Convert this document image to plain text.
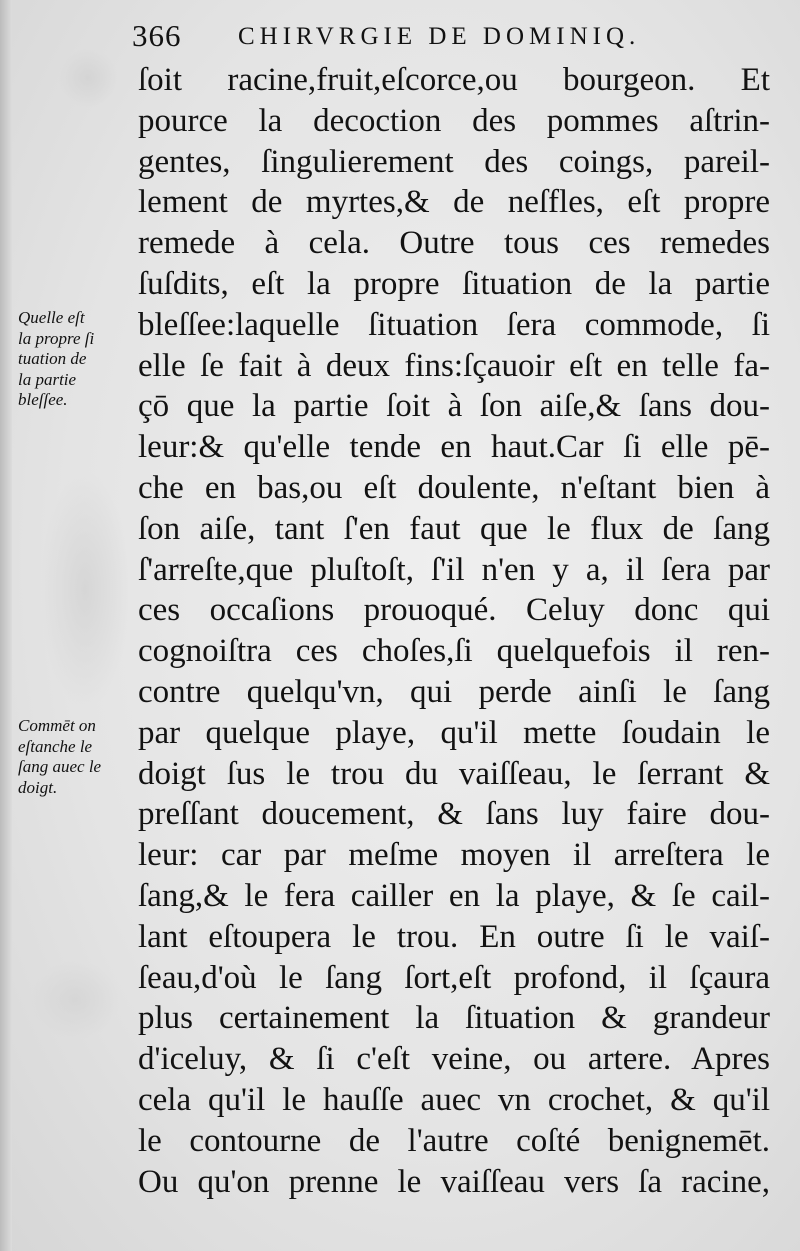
366 CHIRVRGIE DE DOMINIQ.
Quelle eſt
la propre ſi
tuation de
la partie
bleſſee.
Commēt on
eſtanche le
ſang auec le
doigt.
ſoit racine,fruit,eſcorce,ou bourgeon. Et
pource la decoction des pommes aſtrin-
gentes, ſingulierement des coings, pareil-
lement de myrtes,& de neſfles, eſt propre
remede à cela. Outre tous ces remedes
ſuſdits, eſt la propre ſituation de la partie
bleſſee:laquelle ſituation ſera commode, ſi
elle ſe fait à deux fins:ſçauoir eſt en telle fa-
çō que la partie ſoit à ſon aiſe,& ſans dou-
leur:& qu'elle tende en haut.Car ſi elle pē-
che en bas,ou eſt doulente, n'eſtant bien à
ſon aiſe, tant ſ'en faut que le flux de ſang
ſ'arreſte,que pluſtoſt, ſ'il n'en y a, il ſera par
ces occaſions prouoqué. Celuy donc qui
cognoiſtra ces choſes,ſi quelquefois il ren-
contre quelqu'vn, qui perde ainſi le ſang
par quelque playe, qu'il mette ſoudain le
doigt ſus le trou du vaiſſeau, le ſerrant &
preſſant doucement, & ſans luy faire dou-
leur: car par meſme moyen il arreſtera le
ſang,& le fera cailler en la playe, & ſe cail-
lant eſtoupera le trou. En outre ſi le vaiſ-
ſeau,d'où le ſang ſort,eſt profond, il ſçaura
plus certainement la ſituation & grandeur
d'iceluy, & ſi c'eſt veine, ou artere. Apres
cela qu'il le hauſſe auec vn crochet, & qu'il
le contourne de l'autre coſté benignemēt.
Ou qu'on prenne le vaiſſeau vers ſa racine,
